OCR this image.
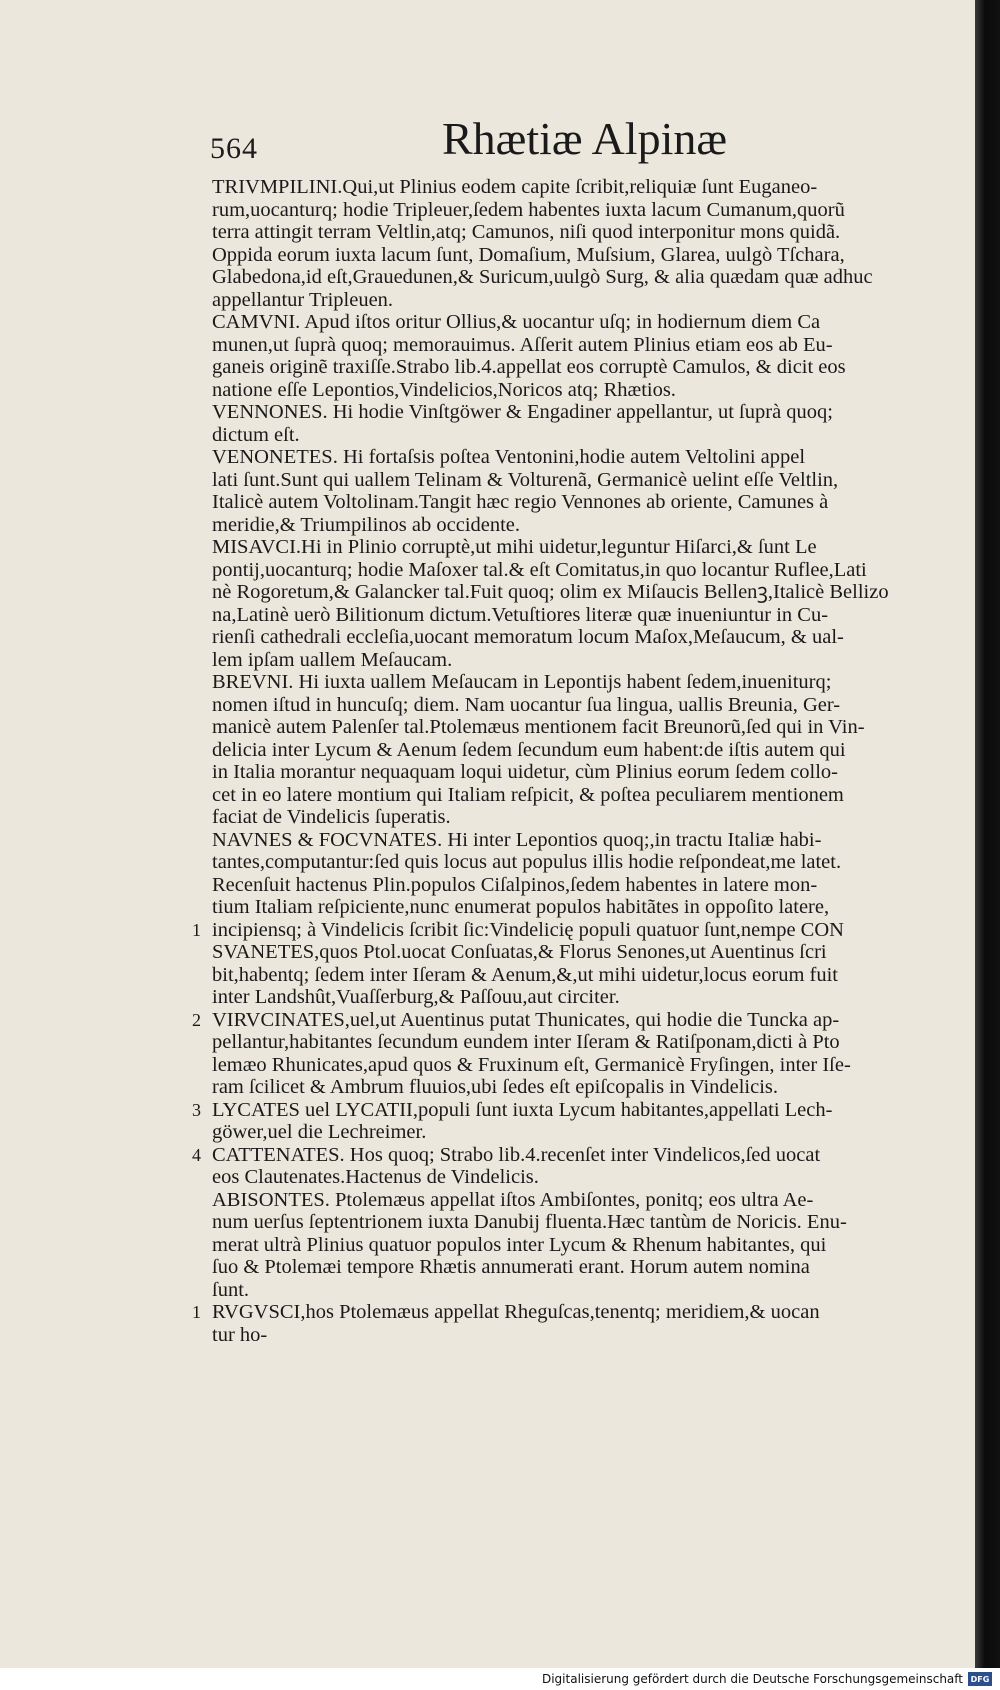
564	Rhætiæ Alpinæ
TRIVMPILINI.Qui,ut Plinius eodem capite ſcribit,reliquiæ ſunt Euganeo-
rum,uocanturq; hodie Tripleuer,ſedem habentes iuxta lacum Cumanum,quorũ
terra attingit terram Veltlin,atq; Camunos, niſi quod interponitur mons quidã.
Oppida eorum iuxta lacum ſunt, Domaſium, Muſsium, Glarea, uulgò Tſchara,
Glabedona,id eſt,Grauedunen,& Suricum,uulgò Surg, & alia quædam quæ adhuc
appellantur Tripleuen.
CAMVNI. Apud iſtos oritur Ollius,& uocantur uſq; in hodiernum diem Ca
munen,ut ſuprà quoq; memorauimus. Aſſerit autem Plinius etiam eos ab Eu-
ganeis originẽ traxiſſe.Strabo lib.4.appellat eos corruptè Camulos, & dicit eos
natione eſſe Lepontios,Vindelicios,Noricos atq; Rhætios.
VENNONES. Hi hodie Vinſtgöwer & Engadiner appellantur, ut ſuprà quoq;
dictum eſt.
VENONETES. Hi fortaſsis poſtea Ventonini,hodie autem Veltolini appel
lati ſunt.Sunt qui uallem Telinam & Volturenã, Germanicè uelint eſſe Veltlin,
Italicè autem Voltolinam.Tangit hæc regio Vennones ab oriente, Camunes à
meridie,& Triumpilinos ab occidente.
MISAVCI.Hi in Plinio corruptè,ut mihi uidetur,leguntur Hiſarci,& ſunt Le
pontij,uocanturq; hodie Maſoxer tal.& eſt Comitatus,in quo locantur Ruflee,Lati
nè Rogoretum,& Galancker tal.Fuit quoq; olim ex Miſaucis Bellenꝫ,Italicè Bellizo
na,Latinè uerò Bilitionum dictum.Vetuſtiores literæ quæ inueniuntur in Cu-
rienſi cathedrali eccleſia,uocant memoratum locum Maſox,Meſaucum, & ual-
lem ipſam uallem Meſaucam.
BREVNI. Hi iuxta uallem Meſaucam in Lepontijs habent ſedem,inueniturq;
nomen iſtud in huncuſq; diem. Nam uocantur ſua lingua, uallis Breunia, Ger-
manicè autem Palenſer tal.Ptolemæus mentionem facit Breunorũ,ſed qui in Vin-
delicia inter Lycum & Aenum ſedem ſecundum eum habent:de iſtis autem qui
in Italia morantur nequaquam loqui uidetur, cùm Plinius eorum ſedem collo-
cet in eo latere montium qui Italiam reſpicit, & poſtea peculiarem mentionem
faciat de Vindelicis ſuperatis.
NAVNES & FOCVNATES. Hi inter Lepontios quoq;,in tractu Italiæ habi-
tantes,computantur:ſed quis locus aut populus illis hodie reſpondeat,me latet.
Recenſuit hactenus Plin.populos Ciſalpinos,ſedem habentes in latere mon-
tium Italiam reſpiciente,nunc enumerat populos habitãtes in oppoſito latere,
1 incipiensq; à Vindelicis ſcribit ſic:Vindelicię populi quatuor ſunt,nempe CON
SVANETES,quos Ptol.uocat Conſuatas,& Florus Senones,ut Auentinus ſcri
bit,habentq; ſedem inter Iſeram & Aenum,&,ut mihi uidetur,locus eorum fuit
inter Landshût,Vuaſſerburg,& Paſſouu,aut circiter.
2 VIRVCINATES,uel,ut Auentinus putat Thunicates, qui hodie die Tuncka ap-
pellantur,habitantes ſecundum eundem inter Iſeram & Ratiſponam,dicti à Pto
lemæo Rhunicates,apud quos & Fruxinum eſt, Germanicè Fryſingen, inter Iſe-
ram ſcilicet & Ambrum fluuios,ubi ſedes eſt epiſcopalis in Vindelicis.
3 LYCATES uel LYCATII,populi ſunt iuxta Lycum habitantes,appellati Lech-
göwer,uel die Lechreimer.
4 CATTENATES. Hos quoq; Strabo lib.4.recenſet inter Vindelicos,ſed uocat
eos Clautenates.Hactenus de Vindelicis.
ABISONTES. Ptolemæus appellat iſtos Ambiſontes, ponitq; eos ultra Ae-
num uerſus ſeptentrionem iuxta Danubij fluenta.Hæc tantùm de Noricis. Enu-
merat ultrà Plinius quatuor populos inter Lycum & Rhenum habitantes, qui
ſuo & Ptolemæi tempore Rhætis annumerati erant. Horum autem nomina
ſunt.
1 RVGVSCI,hos Ptolemæus appellat Rheguſcas,tenentq; meridiem,& uocan
tur ho-
Digitalisierung gefördert durch die Deutsche Forschungsgemeinschaft DFG
